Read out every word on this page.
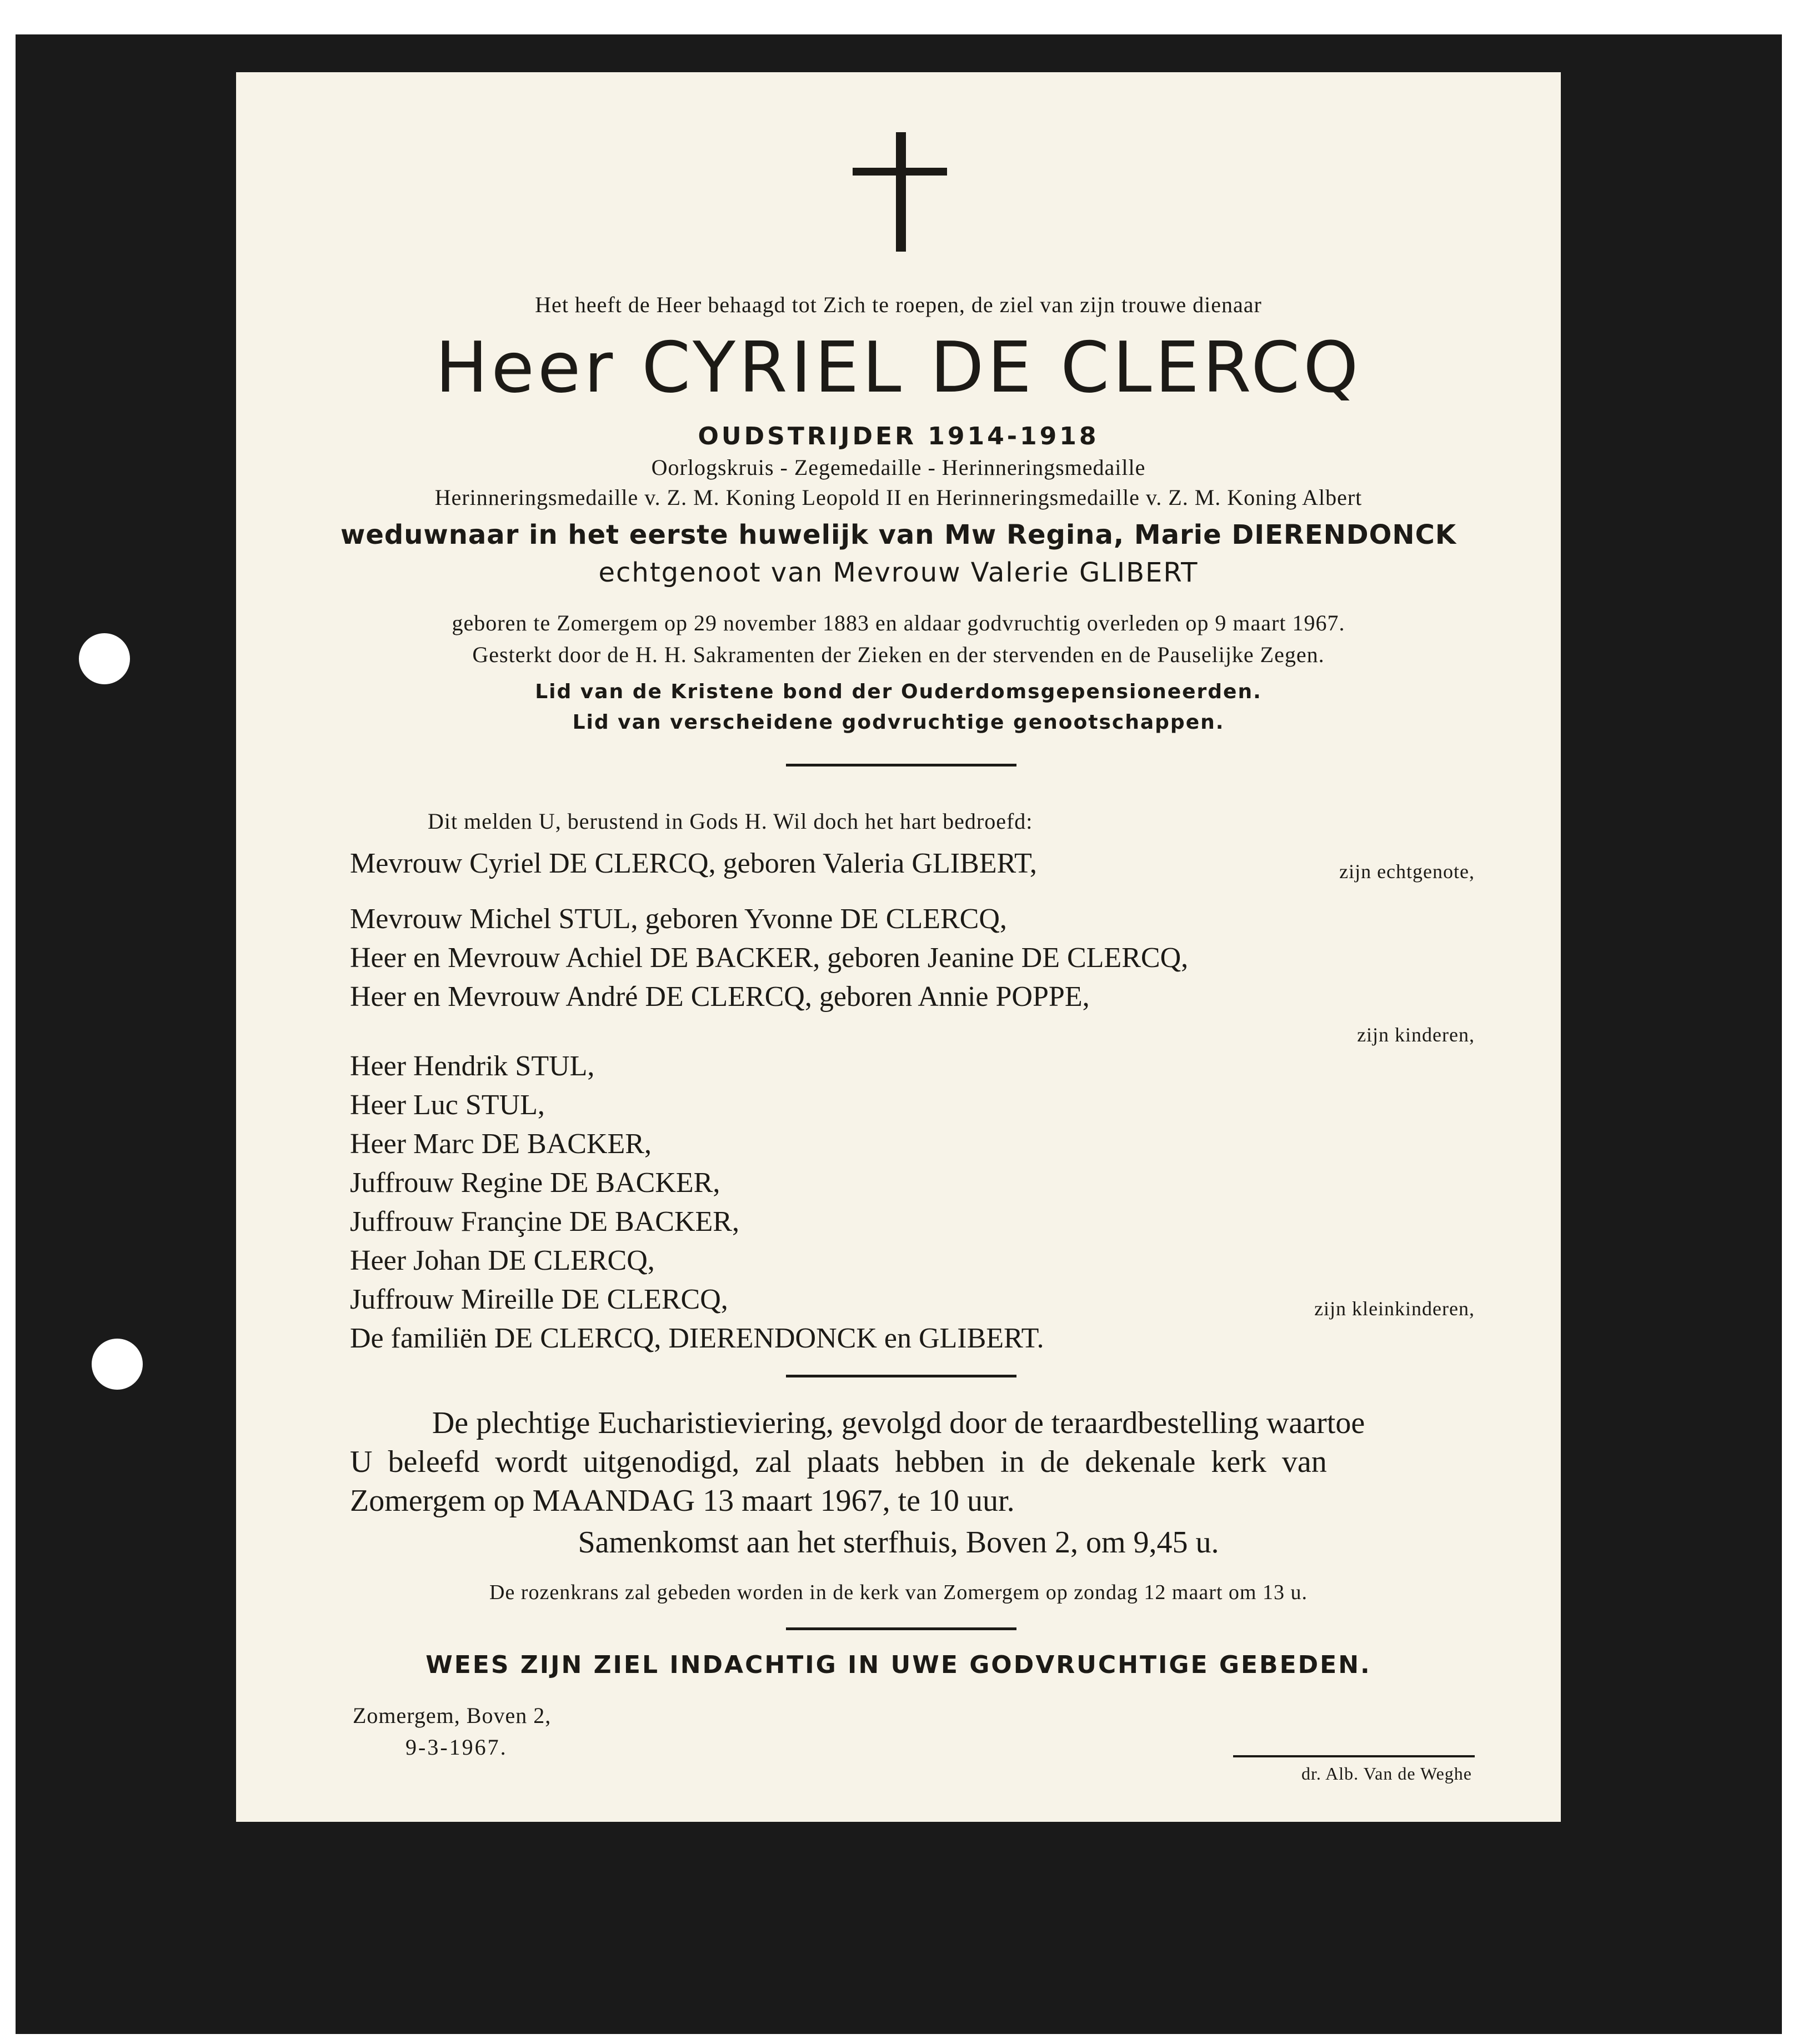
Het heeft de Heer behaagd tot Zich te roepen, de ziel van zijn trouwe dienaar
Heer CYRIEL DE CLERCQ
OUDSTRIJDER 1914-1918
Oorlogskruis - Zegemedaille - Herinneringsmedaille
Herinneringsmedaille v. Z. M. Koning Leopold II en Herinneringsmedaille v. Z. M. Koning Albert
weduwnaar in het eerste huwelijk van Mw Regina, Marie DIERENDONCK
echtgenoot van Mevrouw Valerie GLIBERT
geboren te Zomergem op 29 november 1883 en aldaar godvruchtig overleden op 9 maart 1967.
Gesterkt door de H. H. Sakramenten der Zieken en der stervenden en de Pauselijke Zegen.
Lid van de Kristene bond der Ouderdomsgepensioneerden.
Lid van verscheidene godvruchtige genootschappen.
Dit melden U, berustend in Gods H. Wil doch het hart bedroefd:
Mevrouw Cyriel DE CLERCQ, geboren Valeria GLIBERT,	zijn echtgenote,
Mevrouw Michel STUL, geboren Yvonne DE CLERCQ,
Heer en Mevrouw Achiel DE BACKER, geboren Jeanine DE CLERCQ,
Heer en Mevrouw André DE CLERCQ, geboren Annie POPPE,
zijn kinderen,
Heer Hendrik STUL,
Heer Luc STUL,
Heer Marc DE BACKER,
Juffrouw Regine DE BACKER,
Juffrouw Françine DE BACKER,
Heer Johan DE CLERCQ,
Juffrouw Mireille DE CLERCQ,	zijn kleinkinderen,
De familiën DE CLERCQ, DIERENDONCK en GLIBERT.
De plechtige Eucharistieviering, gevolgd door de teraardbestelling waartoe
U beleefd wordt uitgenodigd, zal plaats hebben in de dekenale kerk van
Zomergem op MAANDAG 13 maart 1967, te 10 uur.
Samenkomst aan het sterfhuis, Boven 2, om 9,45 u.
De rozenkrans zal gebeden worden in de kerk van Zomergem op zondag 12 maart om 13 u.
WEES ZIJN ZIEL INDACHTIG IN UWE GODVRUCHTIGE GEBEDEN.
Zomergem, Boven 2,
9-3-1967.
dr. Alb. Van de Weghe
